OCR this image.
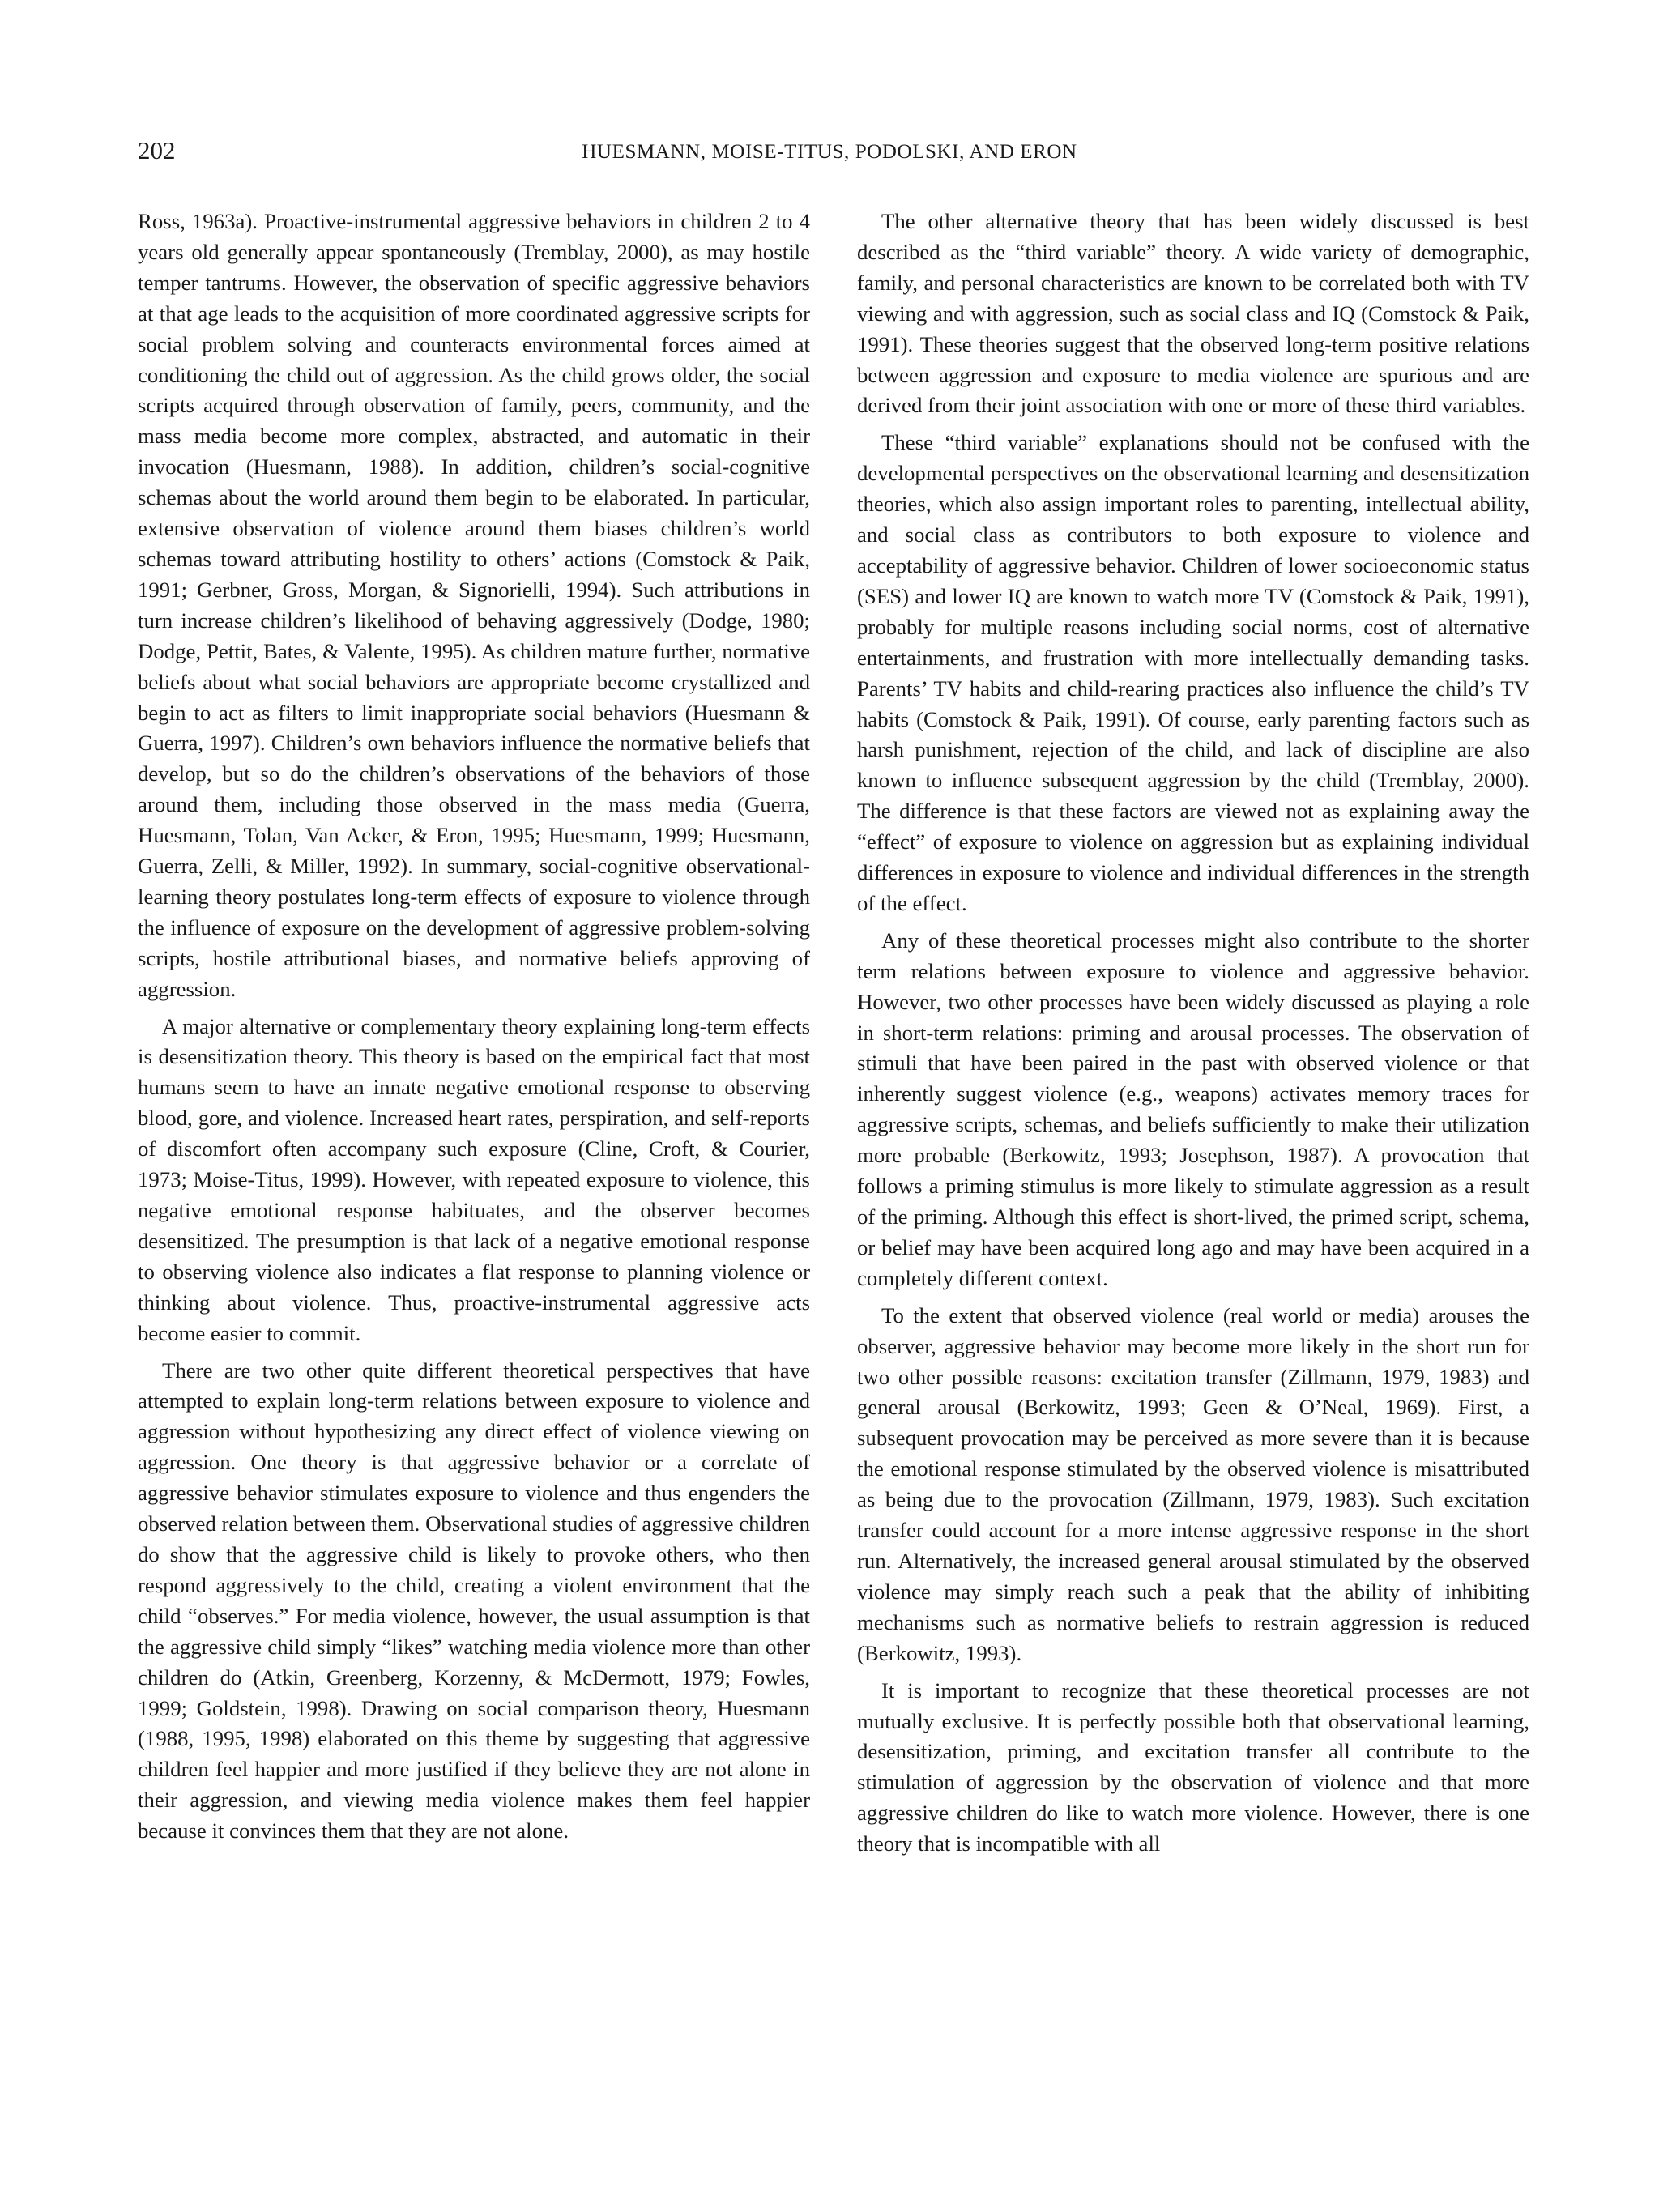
202	HUESMANN, MOISE-TITUS, PODOLSKI, AND ERON

Ross, 1963a). Proactive-instrumental aggressive behaviors in children 2 to 4 years old generally appear spontaneously (Tremblay, 2000), as may hostile temper tantrums. However, the observation of specific aggressive behaviors at that age leads to the acquisition of more coordinated aggressive scripts for social problem solving and counteracts environmental forces aimed at conditioning the child out of aggression. As the child grows older, the social scripts acquired through observation of family, peers, community, and the mass media become more complex, abstracted, and automatic in their invocation (Huesmann, 1988). In addition, children’s social-cognitive schemas about the world around them begin to be elaborated. In particular, extensive observation of violence around them biases children’s world schemas toward attributing hostility to others’ actions (Comstock & Paik, 1991; Gerbner, Gross, Morgan, & Signorielli, 1994). Such attributions in turn increase children’s likelihood of behaving aggressively (Dodge, 1980; Dodge, Pettit, Bates, & Valente, 1995). As children mature further, normative beliefs about what social behaviors are appropriate become crystallized and begin to act as filters to limit inappropriate social behaviors (Huesmann & Guerra, 1997). Children’s own behaviors influence the normative beliefs that develop, but so do the children’s observations of the behaviors of those around them, including those observed in the mass media (Guerra, Huesmann, Tolan, Van Acker, & Eron, 1995; Huesmann, 1999; Huesmann, Guerra, Zelli, & Miller, 1992). In summary, social-cognitive observational-learning theory postulates long-term effects of exposure to violence through the influence of exposure on the development of aggressive problem-solving scripts, hostile attributional biases, and normative beliefs approving of aggression.

A major alternative or complementary theory explaining long-term effects is desensitization theory. This theory is based on the empirical fact that most humans seem to have an innate negative emotional response to observing blood, gore, and violence. Increased heart rates, perspiration, and self-reports of discomfort often accompany such exposure (Cline, Croft, & Courier, 1973; Moise-Titus, 1999). However, with repeated exposure to violence, this negative emotional response habituates, and the observer becomes desensitized. The presumption is that lack of a negative emotional response to observing violence also indicates a flat response to planning violence or thinking about violence. Thus, proactive-instrumental aggressive acts become easier to commit.

There are two other quite different theoretical perspectives that have attempted to explain long-term relations between exposure to violence and aggression without hypothesizing any direct effect of violence viewing on aggression. One theory is that aggressive behavior or a correlate of aggressive behavior stimulates exposure to violence and thus engenders the observed relation between them. Observational studies of aggressive children do show that the aggressive child is likely to provoke others, who then respond aggressively to the child, creating a violent environment that the child “observes.” For media violence, however, the usual assumption is that the aggressive child simply “likes” watching media violence more than other children do (Atkin, Greenberg, Korzenny, & McDermott, 1979; Fowles, 1999; Goldstein, 1998). Drawing on social comparison theory, Huesmann (1988, 1995, 1998) elaborated on this theme by suggesting that aggressive children feel happier and more justified if they believe they are not alone in their aggression, and viewing media violence makes them feel happier because it convinces them that they are not alone.

The other alternative theory that has been widely discussed is best described as the “third variable” theory. A wide variety of demographic, family, and personal characteristics are known to be correlated both with TV viewing and with aggression, such as social class and IQ (Comstock & Paik, 1991). These theories suggest that the observed long-term positive relations between aggression and exposure to media violence are spurious and are derived from their joint association with one or more of these third variables.

These “third variable” explanations should not be confused with the developmental perspectives on the observational learning and desensitization theories, which also assign important roles to parenting, intellectual ability, and social class as contributors to both exposure to violence and acceptability of aggressive behavior. Children of lower socioeconomic status (SES) and lower IQ are known to watch more TV (Comstock & Paik, 1991), probably for multiple reasons including social norms, cost of alternative entertainments, and frustration with more intellectually demanding tasks. Parents’ TV habits and child-rearing practices also influence the child’s TV habits (Comstock & Paik, 1991). Of course, early parenting factors such as harsh punishment, rejection of the child, and lack of discipline are also known to influence subsequent aggression by the child (Tremblay, 2000). The difference is that these factors are viewed not as explaining away the “effect” of exposure to violence on aggression but as explaining individual differences in exposure to violence and individual differences in the strength of the effect.

Any of these theoretical processes might also contribute to the shorter term relations between exposure to violence and aggressive behavior. However, two other processes have been widely discussed as playing a role in short-term relations: priming and arousal processes. The observation of stimuli that have been paired in the past with observed violence or that inherently suggest violence (e.g., weapons) activates memory traces for aggressive scripts, schemas, and beliefs sufficiently to make their utilization more probable (Berkowitz, 1993; Josephson, 1987). A provocation that follows a priming stimulus is more likely to stimulate aggression as a result of the priming. Although this effect is short-lived, the primed script, schema, or belief may have been acquired long ago and may have been acquired in a completely different context.

To the extent that observed violence (real world or media) arouses the observer, aggressive behavior may become more likely in the short run for two other possible reasons: excitation transfer (Zillmann, 1979, 1983) and general arousal (Berkowitz, 1993; Geen & O’Neal, 1969). First, a subsequent provocation may be perceived as more severe than it is because the emotional response stimulated by the observed violence is misattributed as being due to the provocation (Zillmann, 1979, 1983). Such excitation transfer could account for a more intense aggressive response in the short run. Alternatively, the increased general arousal stimulated by the observed violence may simply reach such a peak that the ability of inhibiting mechanisms such as normative beliefs to restrain aggression is reduced (Berkowitz, 1993).

It is important to recognize that these theoretical processes are not mutually exclusive. It is perfectly possible both that observational learning, desensitization, priming, and excitation transfer all contribute to the stimulation of aggression by the observation of violence and that more aggressive children do like to watch more violence. However, there is one theory that is incompatible with all
